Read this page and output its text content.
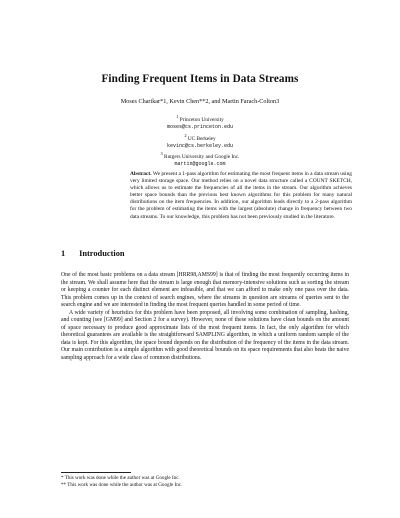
Finding Frequent Items in Data Streams
Moses Charikar*1, Kevin Chen**2, and Martin Farach-Colton3
$^1$ Princeton University
moses@cs.princeton.edu
$^2$ UC Berkeley
kevinc@cs.berkeley.edu
$^3$ Rutgers University and Google Inc.
martin@google.com
Abstract. We present a 1-pass algorithm for estimating the most frequent items in a data stream using very limited storage space. Our method relies on a novel data structure called a COUNT SKETCH, which allows us to estimate the frequencies of all the items in the stream. Our algorithm achieves better space bounds than the previous best known algorithms for this problem for many natural distributions on the item frequencies. In addition, our algorithm leads directly to a 2-pass algorithm for the problem of estimating the items with the largest (absolute) change in frequency between two data streams. To our knowledge, this problem has not been previously studied in the literature.
1 Introduction

One of the most basic problems on a data stream [HRR98,AMS99] is that of finding the most frequently occurring items in the stream. We shall assume here that the stream is large enough that memory-intensive solutions such as sorting the stream or keeping a counter for each distinct element are infeasible, and that we can afford to make only one pass over the data. This problem comes up in the context of search engines, where the streams in question are streams of queries sent to the search engine and we are interested in finding the most frequent queries handled in some period of time.

A wide variety of heuristics for this problem have been proposed, all involving some combination of sampling, hashing, and counting (see [GM99] and Section 2 for a survey). However, none of these solutions have clean bounds on the amount of space necessary to produce good approximate lists of the most frequent items. In fact, the only algorithm for which theoretical guarantees are available is the straightforward SAMPLING algorithm, in which a uniform random sample of the data is kept. For this algorithm, the space bound depends on the distribution of the frequency of the items in the data stream. Our main contribution is a simple algorithm with good theoretical bounds on its space requirements that also beats the naive sampling approach for a wide class of common distributions.

* This work was done while the author was at Google Inc.
** This work was done while the author was at Google Inc.
